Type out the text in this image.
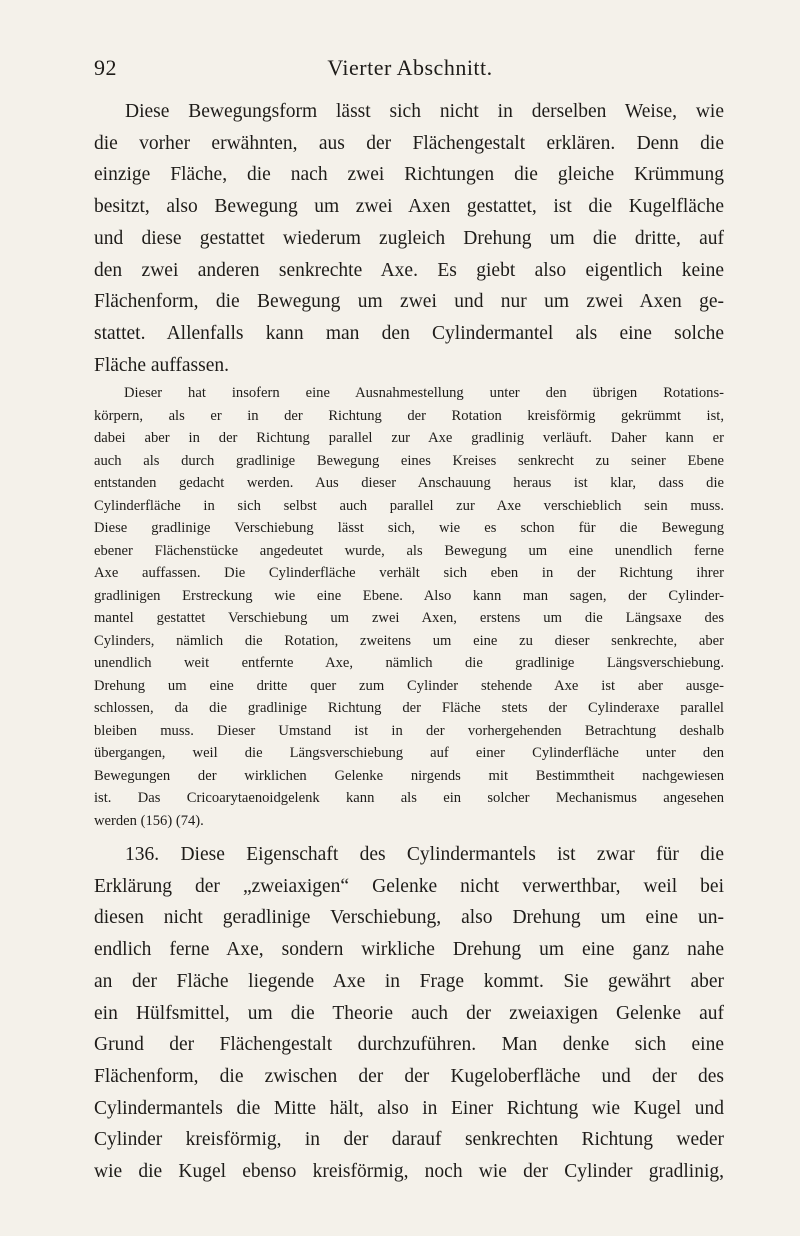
92	Vierter Abschnitt.
Diese Bewegungsform lässt sich nicht in derselben Weise, wie
die vorher erwähnten, aus der Flächengestalt erklären. Denn die
einzige Fläche, die nach zwei Richtungen die gleiche Krümmung
besitzt, also Bewegung um zwei Axen gestattet, ist die Kugelfläche
und diese gestattet wiederum zugleich Drehung um die dritte, auf
den zwei anderen senkrechte Axe. Es giebt also eigentlich keine
Flächenform, die Bewegung um zwei und nur um zwei Axen ge-
stattet. Allenfalls kann man den Cylindermantel als eine solche
Fläche auffassen.
Dieser hat insofern eine Ausnahmestellung unter den übrigen Rotations-
körpern, als er in der Richtung der Rotation kreisförmig gekrümmt ist,
dabei aber in der Richtung parallel zur Axe gradlinig verläuft. Daher kann er
auch als durch gradlinige Bewegung eines Kreises senkrecht zu seiner Ebene
entstanden gedacht werden. Aus dieser Anschauung heraus ist klar, dass die
Cylinderfläche in sich selbst auch parallel zur Axe verschieblich sein muss.
Diese gradlinige Verschiebung lässt sich, wie es schon für die Bewegung
ebener Flächenstücke angedeutet wurde, als Bewegung um eine unendlich ferne
Axe auffassen. Die Cylinderfläche verhält sich eben in der Richtung ihrer
gradlinigen Erstreckung wie eine Ebene. Also kann man sagen, der Cylinder-
mantel gestattet Verschiebung um zwei Axen, erstens um die Längsaxe des
Cylinders, nämlich die Rotation, zweitens um eine zu dieser senkrechte, aber
unendlich weit entfernte Axe, nämlich die gradlinige Längsverschiebung.
Drehung um eine dritte quer zum Cylinder stehende Axe ist aber ausge-
schlossen, da die gradlinige Richtung der Fläche stets der Cylinderaxe parallel
bleiben muss. Dieser Umstand ist in der vorhergehenden Betrachtung deshalb
übergangen, weil die Längsverschiebung auf einer Cylinderfläche unter den
Bewegungen der wirklichen Gelenke nirgends mit Bestimmtheit nachgewiesen
ist. Das Cricoarytaenoidgelenk kann als ein solcher Mechanismus angesehen
werden (156) (74).
136. Diese Eigenschaft des Cylindermantels ist zwar für die
Erklärung der „zweiaxigen“ Gelenke nicht verwerthbar, weil bei
diesen nicht geradlinige Verschiebung, also Drehung um eine un-
endlich ferne Axe, sondern wirkliche Drehung um eine ganz nahe
an der Fläche liegende Axe in Frage kommt. Sie gewährt aber
ein Hülfsmittel, um die Theorie auch der zweiaxigen Gelenke auf
Grund der Flächengestalt durchzuführen. Man denke sich eine
Flächenform, die zwischen der der Kugeloberfläche und der des
Cylindermantels die Mitte hält, also in Einer Richtung wie Kugel und
Cylinder kreisförmig, in der darauf senkrechten Richtung weder
wie die Kugel ebenso kreisförmig, noch wie der Cylinder gradlinig,
